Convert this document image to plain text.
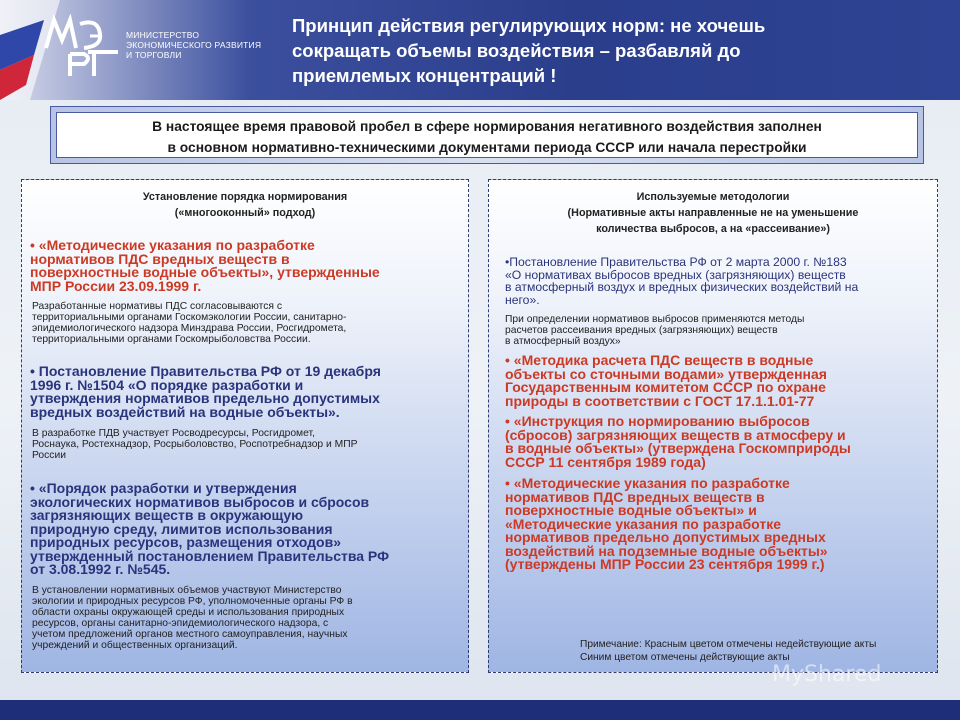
МИНИСТЕРСТВО
ЭКОНОМИЧЕСКОГО РАЗВИТИЯ
И ТОРГОВЛИ
Принцип действия регулирующих норм: не хочешь
сокращать объемы воздействия – разбавляй до
приемлемых концентраций !
В настоящее время правовой пробел в сфере нормирования негативного воздействия заполнен
в основном нормативно-техническими документами периода СССР или начала перестройки
Установление порядка нормирования
(«многооконный» подход)
• «Методические указания по разработке
нормативов ПДС вредных веществ в
поверхностные водные объекты», утвержденные
МПР России 23.09.1999 г.
Разработанные нормативы ПДС согласовываются с
территориальными органами Госкомэкологии России, санитарно-
эпидемиологического надзора Минздрава России, Росгидромета,
территориальными органами Госкомрыболовства России.
• Постановление Правительства РФ от 19 декабря
1996 г. №1504 «О порядке разработки и
утверждения нормативов предельно допустимых
вредных воздействий на водные объекты».
В разработке ПДВ участвует Росводресурсы, Росгидромет,
Роснаука, Ростехнадзор, Росрыболовство, Роспотребнадзор и МПР
России
• «Порядок разработки и утверждения
экологических нормативов выбросов и сбросов
загрязняющих веществ в окружающую
природную среду, лимитов использования
природных ресурсов, размещения отходов»
утвержденный постановлением Правительства РФ
от 3.08.1992 г. №545.
В установлении нормативных объемов участвуют Министерство
экологии и природных ресурсов РФ, уполномоченные органы РФ в
области охраны окружающей среды и использования природных
ресурсов, органы санитарно-эпидемиологического надзора, с
учетом предложений органов местного самоуправления, научных
учреждений и общественных организаций.
Используемые методологии
(Нормативные акты направленные не на уменьшение
количества выбросов, а на «рассеивание»)
•Постановление Правительства РФ от 2 марта 2000 г. №183
«О нормативах выбросов вредных (загрязняющих) веществ
в атмосферный воздух и вредных физических воздействий на
него».
При определении нормативов выбросов применяются методы
расчетов рассеивания вредных (загрязняющих) веществ
в атмосферный воздух»
• «Методика расчета ПДС веществ в водные
объекты со сточными водами» утвержденная
Государственным комитетом СССР по охране
природы в соответствии с ГОСТ 17.1.1.01-77
• «Инструкция по нормированию выбросов
(сбросов) загрязняющих веществ в атмосферу и
в водные объекты» (утверждена Госкомприроды
СССР 11 сентября 1989 года)
• «Методические указания по разработке
нормативов ПДС вредных веществ в
поверхностные водные объекты» и
«Методические указания по разработке
нормативов предельно допустимых вредных
воздействий на подземные водные объекты»
(утверждены МПР России 23 сентября 1999 г.)
Примечание: Красным цветом отмечены недействующие акты
Синим цветом отмечены действующие акты
MyShared
